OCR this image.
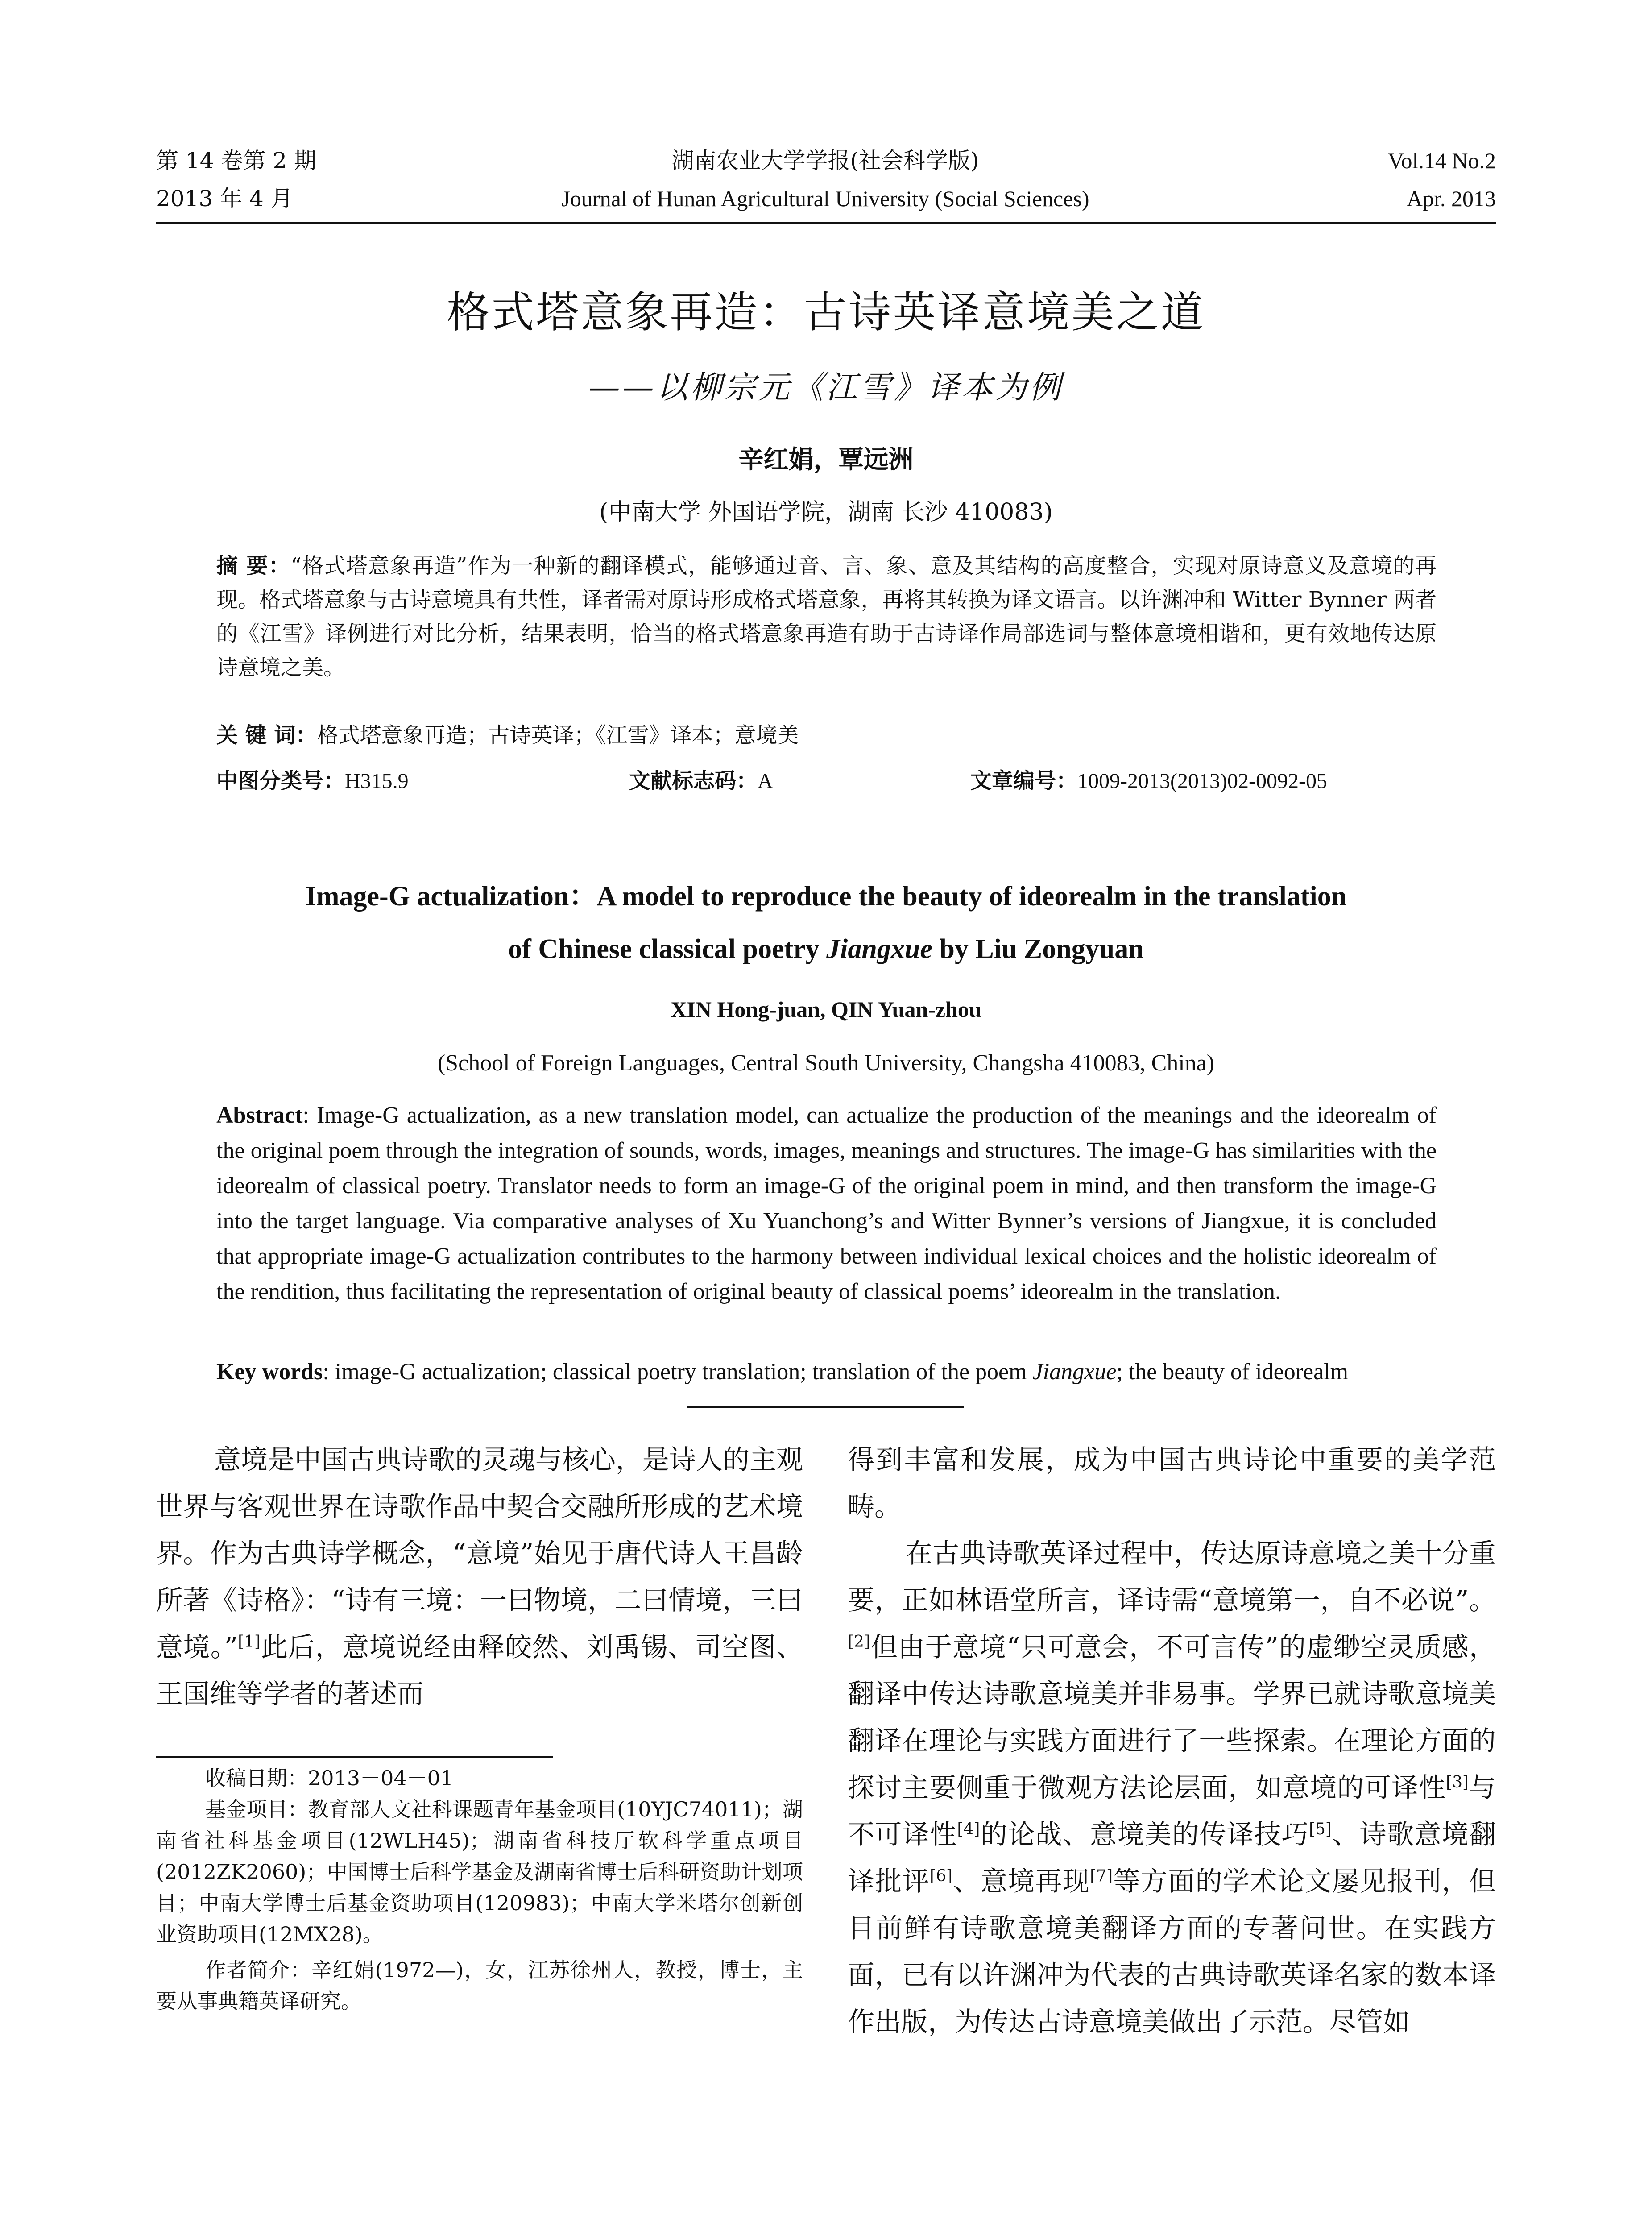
第 14 卷第 2 期
2013 年 4 月
湖南农业大学学报(社会科学版)
Journal of Hunan Agricultural University (Social Sciences)
Vol.14 No.2
Apr. 2013
格式塔意象再造：古诗英译意境美之道
——以柳宗元《江雪》译本为例
辛红娟，覃远洲
(中南大学 外国语学院，湖南 长沙 410083)
摘 要：“格式塔意象再造”作为一种新的翻译模式，能够通过音、言、象、意及其结构的高度整合，实现对原诗意义及意境的再现。格式塔意象与古诗意境具有共性，译者需对原诗形成格式塔意象，再将其转换为译文语言。以许渊冲和 Witter Bynner 两者的《江雪》译例进行对比分析，结果表明，恰当的格式塔意象再造有助于古诗译作局部选词与整体意境相谐和，更有效地传达原诗意境之美。
关 键 词：格式塔意象再造；古诗英译；《江雪》译本；意境美
中图分类号：H315.9	文献标志码：A	文章编号：1009-2013(2013)02-0092-05
Image-G actualization：A model to reproduce the beauty of ideorealm in the translation
of Chinese classical poetry Jiangxue by Liu Zongyuan
XIN Hong-juan, QIN Yuan-zhou
(School of Foreign Languages, Central South University, Changsha 410083, China)
Abstract: Image-G actualization, as a new translation model, can actualize the production of the meanings and the ideorealm of the original poem through the integration of sounds, words, images, meanings and structures. The image-G has similarities with the ideorealm of classical poetry. Translator needs to form an image-G of the original poem in mind, and then transform the image-G into the target language. Via comparative analyses of Xu Yuanchong’s and Witter Bynner’s versions of Jiangxue, it is concluded that appropriate image-G actualization contributes to the harmony between individual lexical choices and the holistic ideorealm of the rendition, thus facilitating the representation of original beauty of classical poems’ ideorealm in the translation.
Key words: image-G actualization; classical poetry translation; translation of the poem Jiangxue; the beauty of ideorealm

意境是中国古典诗歌的灵魂与核心，是诗人的主观世界与客观世界在诗歌作品中契合交融所形成的艺术境界。作为古典诗学概念，“意境”始见于唐代诗人王昌龄所著《诗格》：“诗有三境：一曰物境，二曰情境，三曰意境。”[1]此后，意境说经由释皎然、刘禹锡、司空图、王国维等学者的著述而

收稿日期：2013－04－01

基金项目：教育部人文社科课题青年基金项目(10YJC74011)；湖南省社科基金项目(12WLH45)；湖南省科技厅软科学重点项目(2012ZK2060)；中国博士后科学基金及湖南省博士后科研资助计划项目；中南大学博士后基金资助项目(120983)；中南大学米塔尔创新创业资助项目(12MX28)。

作者简介：辛红娟(1972—)，女，江苏徐州人，教授，博士，主要从事典籍英译研究。

得到丰富和发展，成为中国古典诗论中重要的美学范畴。

在古典诗歌英译过程中，传达原诗意境之美十分重要，正如林语堂所言，译诗需“意境第一，自不必说”。[2]但由于意境“只可意会，不可言传”的虚缈空灵质感，翻译中传达诗歌意境美并非易事。学界已就诗歌意境美翻译在理论与实践方面进行了一些探索。在理论方面的探讨主要侧重于微观方法论层面，如意境的可译性[3]与不可译性[4]的论战、意境美的传译技巧[5]、诗歌意境翻译批评[6]、意境再现[7]等方面的学术论文屡见报刊，但目前鲜有诗歌意境美翻译方面的专著问世。在实践方面，已有以许渊冲为代表的古典诗歌英译名家的数本译作出版，为传达古诗意境美做出了示范。尽管如
